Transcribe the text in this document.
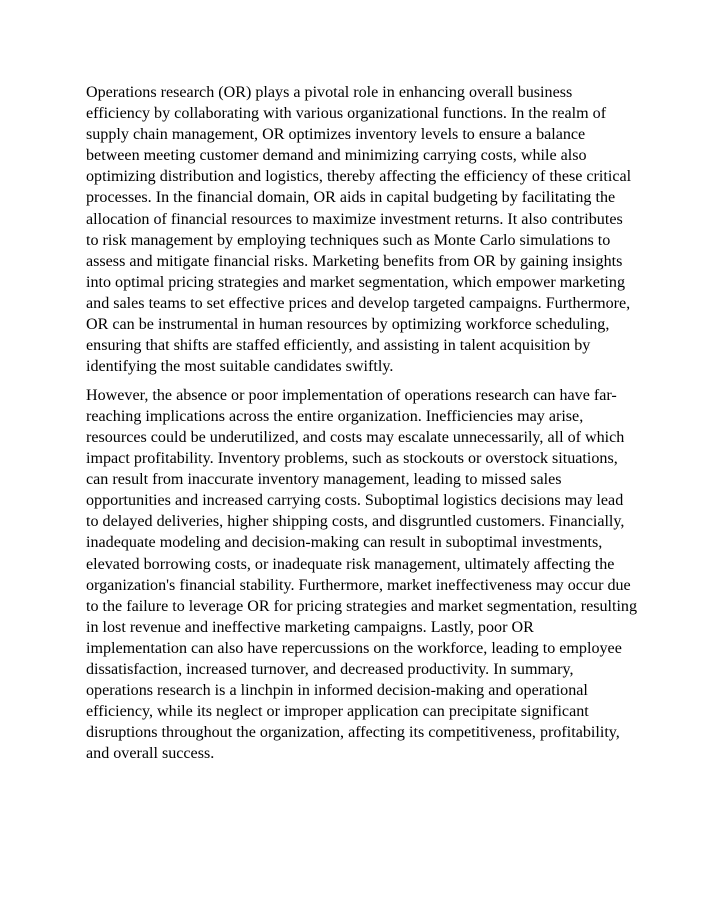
Operations research (OR) plays a pivotal role in enhancing overall business efficiency by collaborating with various organizational functions. In the realm of supply chain management, OR optimizes inventory levels to ensure a balance between meeting customer demand and minimizing carrying costs, while also optimizing distribution and logistics, thereby affecting the efficiency of these critical processes. In the financial domain, OR aids in capital budgeting by facilitating the allocation of financial resources to maximize investment returns. It also contributes to risk management by employing techniques such as Monte Carlo simulations to assess and mitigate financial risks. Marketing benefits from OR by gaining insights into optimal pricing strategies and market segmentation, which empower marketing and sales teams to set effective prices and develop targeted campaigns. Furthermore, OR can be instrumental in human resources by optimizing workforce scheduling, ensuring that shifts are staffed efficiently, and assisting in talent acquisition by identifying the most suitable candidates swiftly.

However, the absence or poor implementation of operations research can have far-reaching implications across the entire organization. Inefficiencies may arise, resources could be underutilized, and costs may escalate unnecessarily, all of which impact profitability. Inventory problems, such as stockouts or overstock situations, can result from inaccurate inventory management, leading to missed sales opportunities and increased carrying costs. Suboptimal logistics decisions may lead to delayed deliveries, higher shipping costs, and disgruntled customers. Financially, inadequate modeling and decision-making can result in suboptimal investments, elevated borrowing costs, or inadequate risk management, ultimately affecting the organization's financial stability. Furthermore, market ineffectiveness may occur due to the failure to leverage OR for pricing strategies and market segmentation, resulting in lost revenue and ineffective marketing campaigns. Lastly, poor OR implementation can also have repercussions on the workforce, leading to employee dissatisfaction, increased turnover, and decreased productivity. In summary, operations research is a linchpin in informed decision-making and operational efficiency, while its neglect or improper application can precipitate significant disruptions throughout the organization, affecting its competitiveness, profitability, and overall success.
